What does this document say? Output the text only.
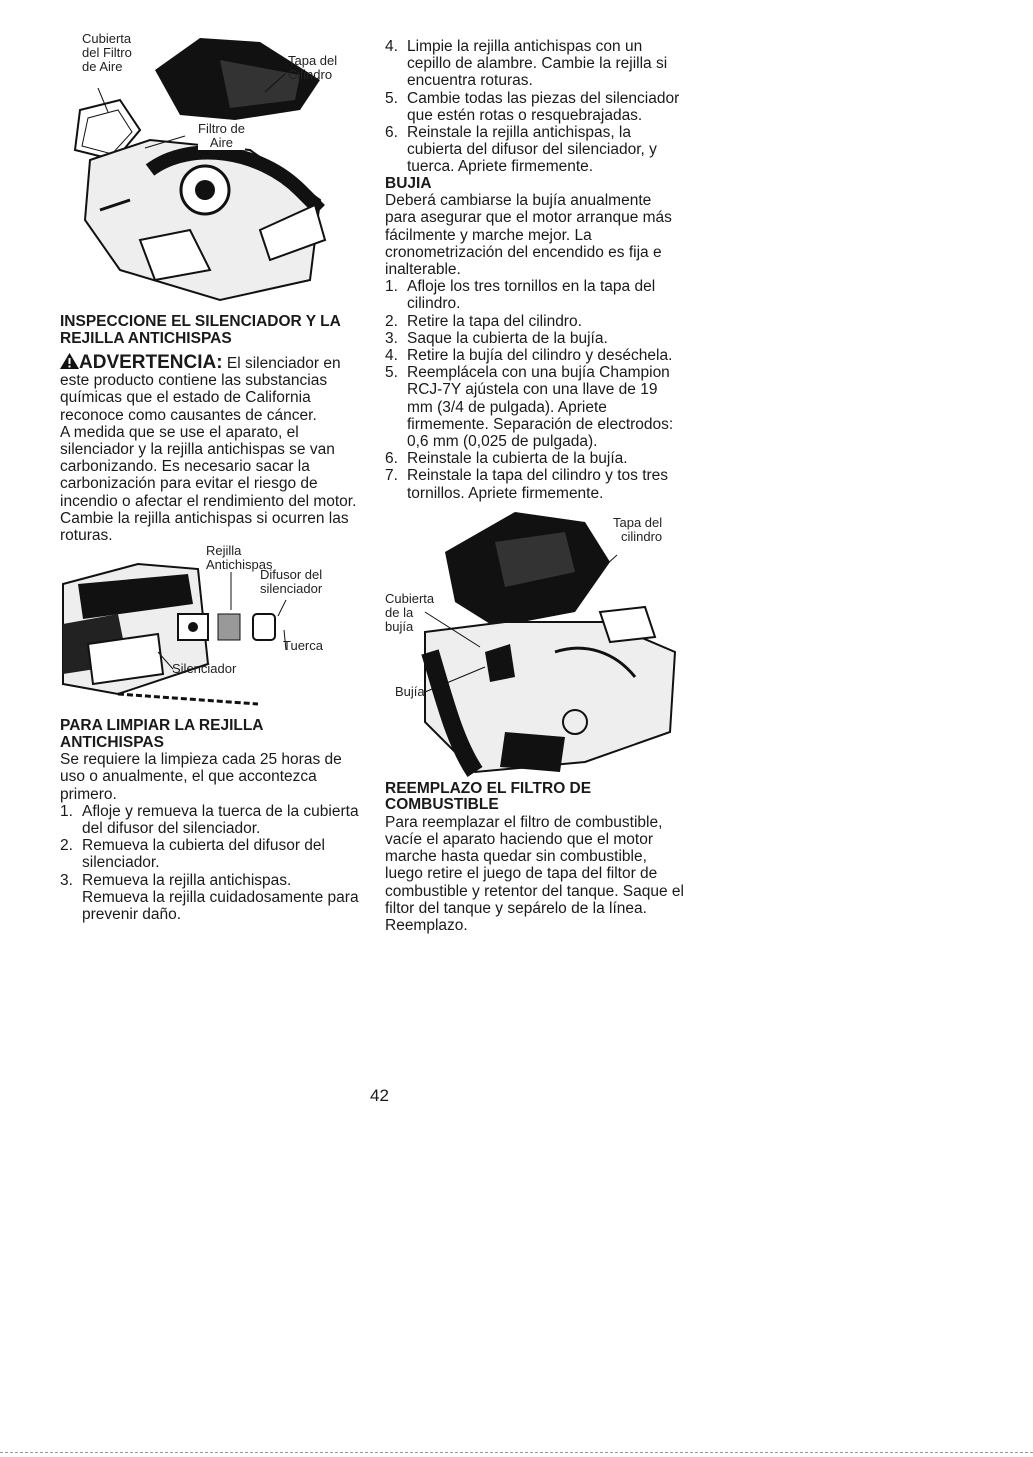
Cubierta
del Filtro
de Aire	Tapa del
Cilindro
Filtro de
Aire
INSPECCIONE EL SILENCIADOR Y LA REJILLA ANTICHISPAS

ADVERTENCIA: El silenciador en este producto contiene las substancias químicas que el estado de California reconoce como causantes de cáncer.

A medida que se use el aparato, el silenciador y la rejilla antichispas se van carbonizando. Es necesario sacar la carbonización para evitar el riesgo de incendio o afectar el rendimiento del motor.

Cambie la rejilla antichispas si ocurren las roturas.

Rejilla
Antichispas
Difusor del
silenciador
Tuerca
Silenciador
PARA LIMPIAR LA REJILLA ANTICHISPAS

Se requiere la limpieza cada 25 horas de uso o anualmente, el que accontezca primero.

1. Afloje y remueva la tuerca de la cubierta del difusor del silenciador.
2. Remueva la cubierta del difusor del silenciador.
3. Remueva la rejilla antichispas. Remueva la rejilla cuidadosamente para prevenir daño.
4. Limpie la rejilla antichispas con un cepillo de alambre. Cambie la rejilla si encuentra roturas.
5. Cambie todas las piezas del silenciador que estén rotas o resquebrajadas.
6. Reinstale la rejilla antichispas, la cubierta del difusor del silenciador, y tuerca. Apriete firmemente.
BUJIA

Deberá cambiarse la bujía anualmente para asegurar que el motor arranque más fácilmente y marche mejor. La cronometrización del encendido es fija e inalterable.

1. Afloje los tres tornillos en la tapa del cilindro.
2. Retire la tapa del cilindro.
3. Saque la cubierta de la bujía.
4. Retire la bujía del cilindro y deséchela.
5. Reemplácela con una bujía Champion RCJ-7Y ajústela con una llave de 19 mm (3/4 de pulgada). Apriete firmemente. Separación de electrodos: 0,6 mm (0,025 de pulgada).
6. Reinstale la cubierta de la bujía.
7. Reinstale la tapa del cilindro y tos tres tornillos. Apriete firmemente.
Tapa del
cilindro
Cubierta
de la
bujía
Bujía
REEMPLAZO EL FILTRO DE COMBUSTIBLE

Para reemplazar el filtro de combustible, vacíe el aparato haciendo que el motor marche hasta quedar sin combustible, luego retire el juego de tapa del filtor de combustible y retentor del tanque. Saque el filtor del tanque y sepárelo de la línea. Reemplazo.

42
